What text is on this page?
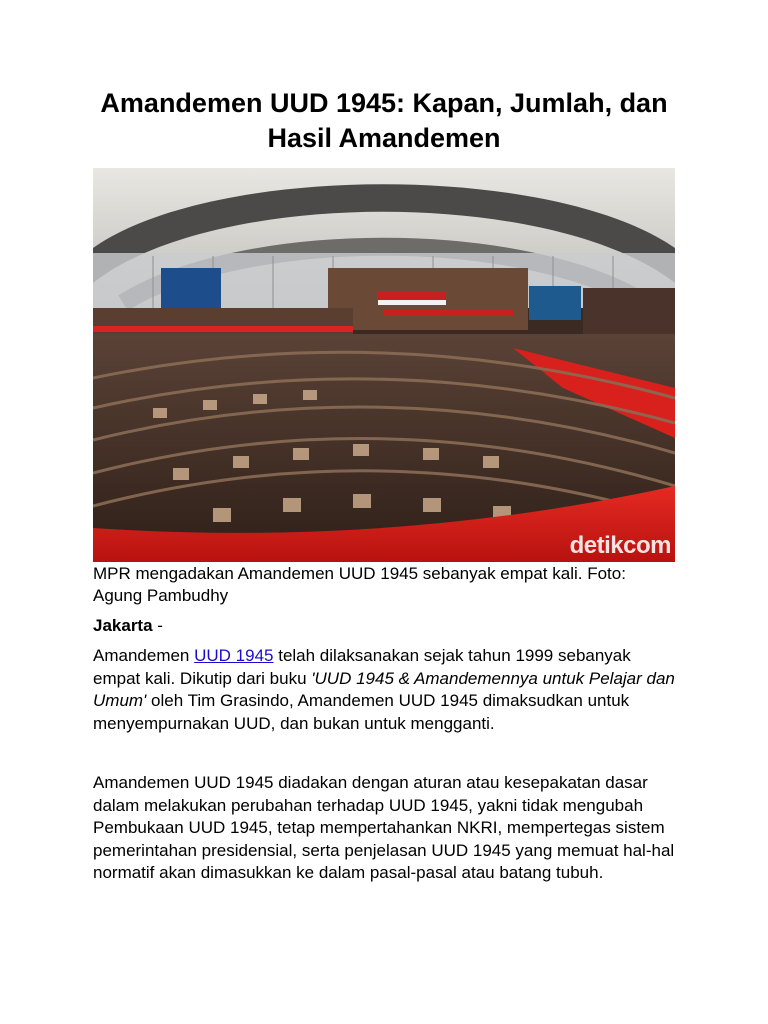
Amandemen UUD 1945: Kapan, Jumlah, dan Hasil Amandemen
detikcom

MPR mengadakan Amandemen UUD 1945 sebanyak empat kali. Foto: Agung Pambudhy

Jakarta -

Amandemen UUD 1945 telah dilaksanakan sejak tahun 1999 sebanyak empat kali. Dikutip dari buku 'UUD 1945 & Amandemennya untuk Pelajar dan Umum' oleh Tim Grasindo, Amandemen UUD 1945 dimaksudkan untuk menyempurnakan UUD, dan bukan untuk mengganti.

Amandemen UUD 1945 diadakan dengan aturan atau kesepakatan dasar dalam melakukan perubahan terhadap UUD 1945, yakni tidak mengubah Pembukaan UUD 1945, tetap mempertahankan NKRI, mempertegas sistem pemerintahan presidensial, serta penjelasan UUD 1945 yang memuat hal-hal normatif akan dimasukkan ke dalam pasal-pasal atau batang tubuh.
